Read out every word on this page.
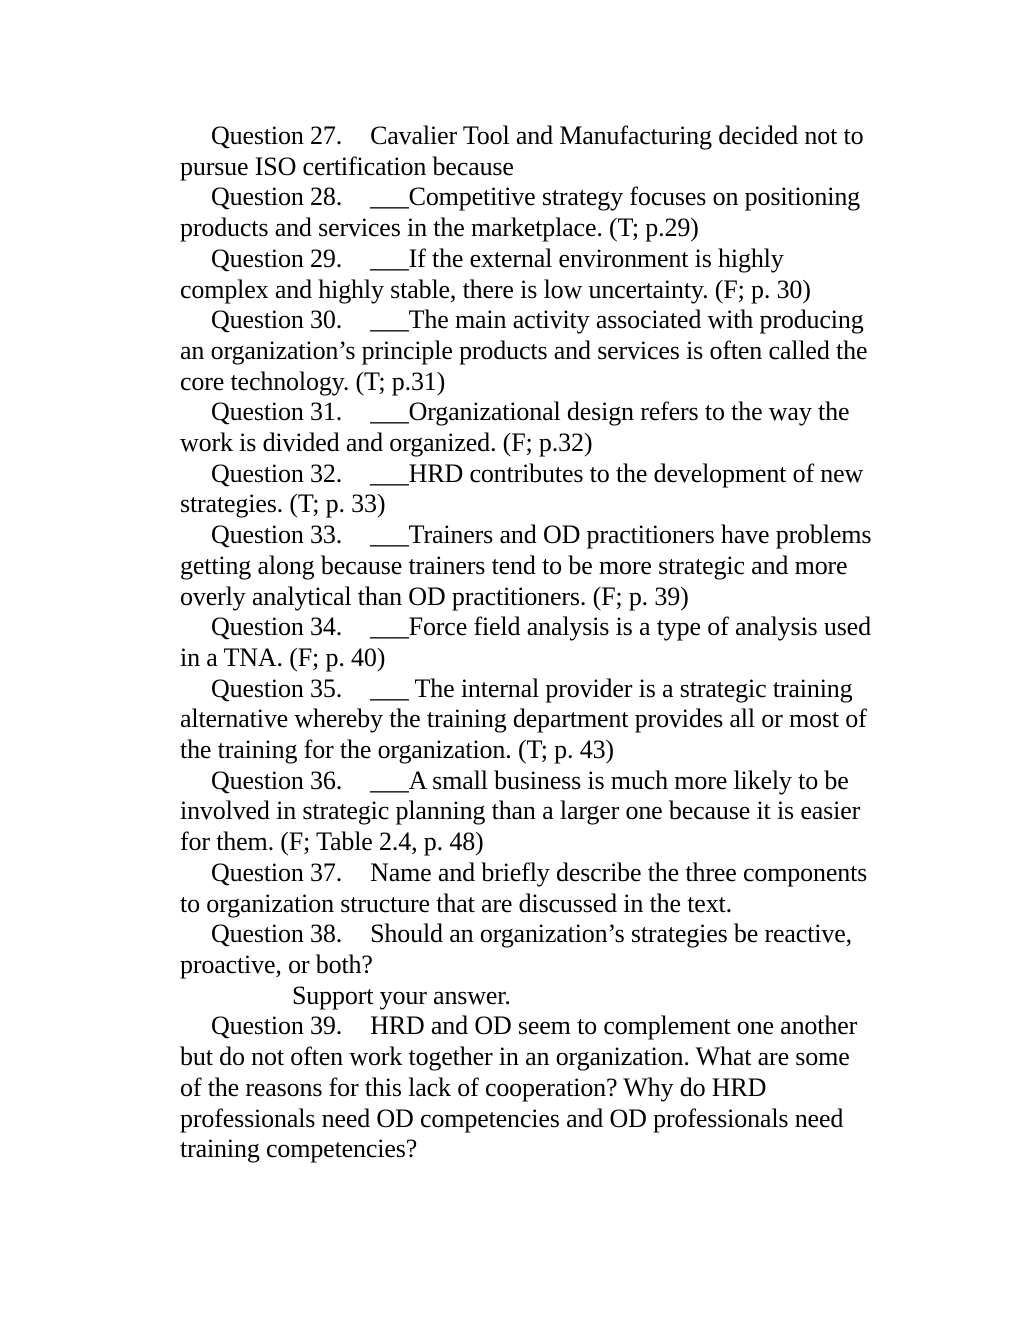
Question 27. Cavalier Tool and Manufacturing decided not to
pursue ISO certification because
Question 28. ___Competitive strategy focuses on positioning
products and services in the marketplace. (T; p.29)
Question 29. ___If the external environment is highly
complex and highly stable, there is low uncertainty. (F; p. 30)
Question 30. ___The main activity associated with producing
an organization’s principle products and services is often called the
core technology. (T; p.31)
Question 31. ___Organizational design refers to the way the
work is divided and organized. (F; p.32)
Question 32. ___HRD contributes to the development of new
strategies. (T; p. 33)
Question 33. ___Trainers and OD practitioners have problems
getting along because trainers tend to be more strategic and more
overly analytical than OD practitioners. (F; p. 39)
Question 34. ___Force field analysis is a type of analysis used
in a TNA. (F; p. 40)
Question 35. ___ The internal provider is a strategic training
alternative whereby the training department provides all or most of
the training for the organization. (T; p. 43)
Question 36. ___A small business is much more likely to be
involved in strategic planning than a larger one because it is easier
for them. (F; Table 2.4, p. 48)
Question 37. Name and briefly describe the three components
to organization structure that are discussed in the text.
Question 38. Should an organization’s strategies be reactive,
proactive, or both?
Support your answer.
Question 39. HRD and OD seem to complement one another
but do not often work together in an organization. What are some
of the reasons for this lack of cooperation? Why do HRD
professionals need OD competencies and OD professionals need
training competencies?
